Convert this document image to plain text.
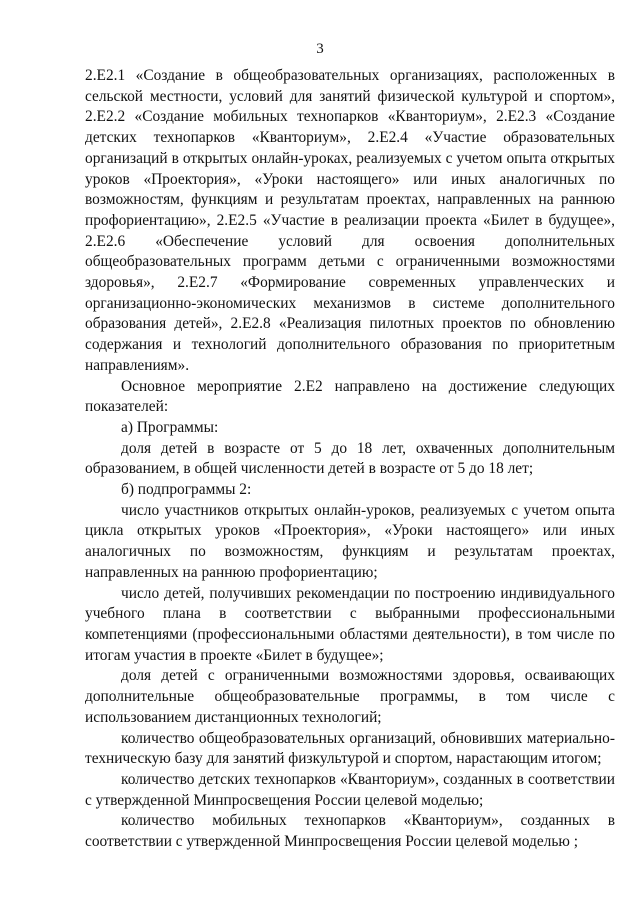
3

2.Е2.1 «Создание в общеобразовательных организациях, расположенных в сельской местности, условий для занятий физической культурой и спортом», 2.Е2.2 «Создание мобильных технопарков «Кванториум», 2.Е2.3 «Создание детских технопарков «Кванториум», 2.Е2.4 «Участие образовательных организаций в открытых онлайн-уроках, реализуемых с учетом опыта открытых уроков «Проектория», «Уроки настоящего» или иных аналогичных по возможностям, функциям и результатам проектах, направленных на раннюю профориентацию», 2.Е2.5 «Участие в реализации проекта «Билет в будущее», 2.Е2.6 «Обеспечение условий для освоения дополнительных общеобразовательных программ детьми с ограниченными возможностями здоровья», 2.Е2.7 «Формирование современных управленческих и организационно-экономических механизмов в системе дополнительного образования детей», 2.Е2.8 «Реализация пилотных проектов по обновлению содержания и технологий дополнительного образования по приоритетным направлениям».

Основное мероприятие 2.Е2 направлено на достижение следующих показателей:

а) Программы:

доля детей в возрасте от 5 до 18 лет, охваченных дополнительным образованием, в общей численности детей в возрасте от 5 до 18 лет;

б) подпрограммы 2:

число участников открытых онлайн-уроков, реализуемых с учетом опыта цикла открытых уроков «Проектория», «Уроки настоящего» или иных аналогичных по возможностям, функциям и результатам проектах, направленных на раннюю профориентацию;

число детей, получивших рекомендации по построению индивидуального учебного плана в соответствии с выбранными профессиональными компетенциями (профессиональными областями деятельности), в том числе по итогам участия в проекте «Билет в будущее»;

доля детей с ограниченными возможностями здоровья, осваивающих дополнительные общеобразовательные программы, в том числе с использованием дистанционных технологий;

количество общеобразовательных организаций, обновивших материально-техническую базу для занятий физкультурой и спортом, нарастающим итогом;

количество детских технопарков «Кванториум», созданных в соответствии с утвержденной Минпросвещения России целевой моделью;

количество мобильных технопарков «Кванториум», созданных в соответствии с утвержденной Минпросвещения России целевой моделью ;
